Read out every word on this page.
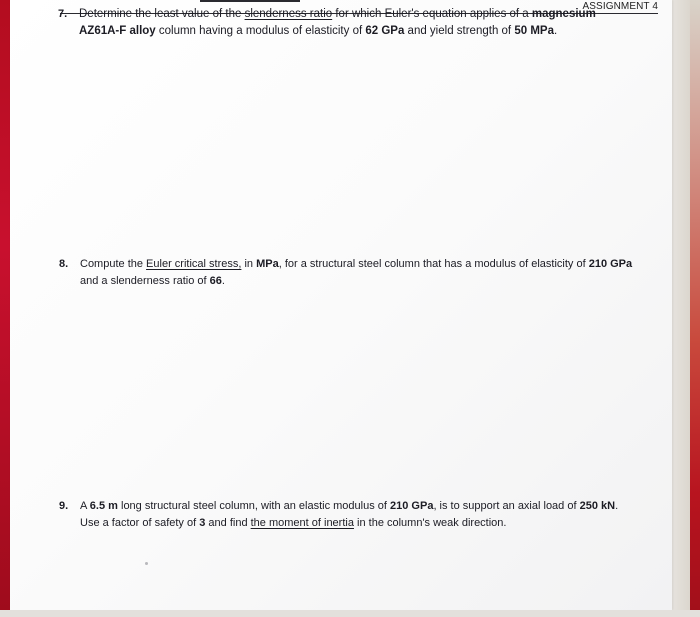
ASSIGNMENT 4
7. Determine the least value of the slenderness ratio for which Euler's equation applies of a magnesium AZ61A-F alloy column having a modulus of elasticity of 62 GPa and yield strength of 50 MPa.
8. Compute the Euler critical stress, in MPa, for a structural steel column that has a modulus of elasticity of 210 GPa and a slenderness ratio of 66.
9. A 6.5 m long structural steel column, with an elastic modulus of 210 GPa, is to support an axial load of 250 kN. Use a factor of safety of 3 and find the moment of inertia in the column's weak direction.
